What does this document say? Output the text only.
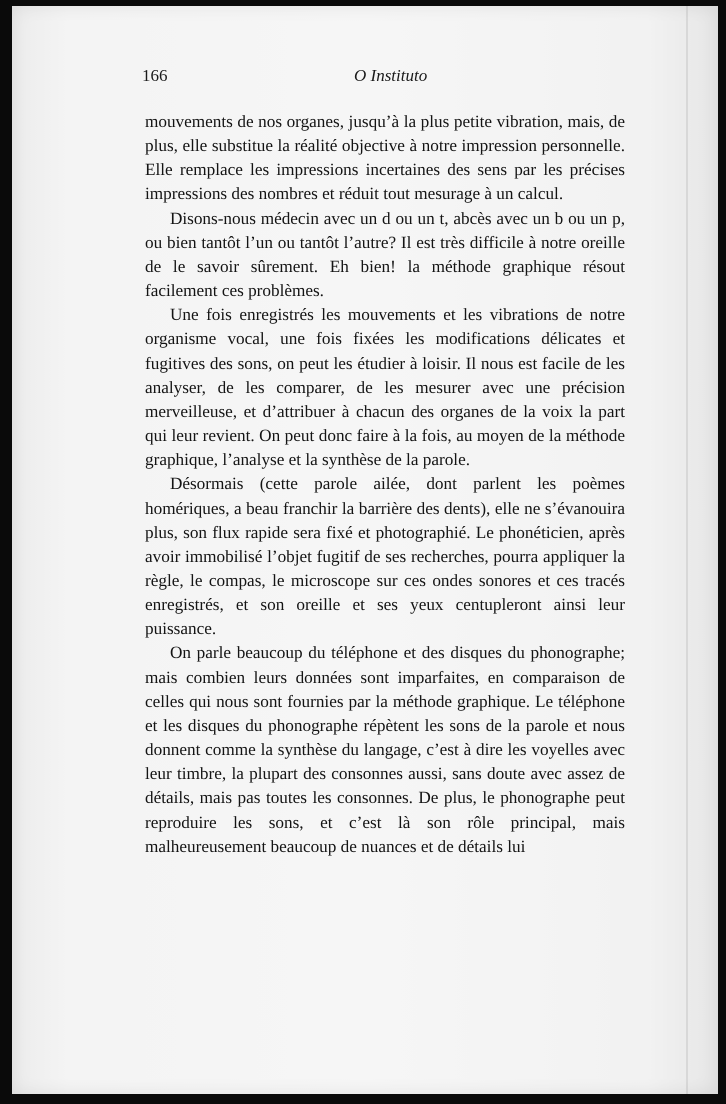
166	O Instituto

mouvements de nos organes, jusqu’à la plus petite vibration, mais, de plus, elle substitue la réalité objective à notre impression personnelle. Elle remplace les impressions incertaines des sens par les précises impressions des nombres et réduit tout mesurage à un calcul.

Disons-nous médecin avec un d ou un t, abcès avec un b ou un p, ou bien tantôt l’un ou tantôt l’autre? Il est très difficile à notre oreille de le savoir sûrement. Eh bien! la méthode graphique résout facilement ces problèmes.

Une fois enregistrés les mouvements et les vibrations de notre organisme vocal, une fois fixées les modifications délicates et fugitives des sons, on peut les étudier à loisir. Il nous est facile de les analyser, de les comparer, de les mesurer avec une précision merveilleuse, et d’attribuer à chacun des organes de la voix la part qui leur revient. On peut donc faire à la fois, au moyen de la méthode graphique, l’analyse et la synthèse de la parole.

Désormais (cette parole ailée, dont parlent les poèmes homériques, a beau franchir la barrière des dents), elle ne s’évanouira plus, son flux rapide sera fixé et photographié. Le phonéticien, après avoir immobilisé l’objet fugitif de ses recherches, pourra appliquer la règle, le compas, le microscope sur ces ondes sonores et ces tracés enregistrés, et son oreille et ses yeux centupleront ainsi leur puissance.

On parle beaucoup du téléphone et des disques du phonographe; mais combien leurs données sont imparfaites, en comparaison de celles qui nous sont fournies par la méthode graphique. Le téléphone et les disques du phonographe répètent les sons de la parole et nous donnent comme la synthèse du langage, c’est à dire les voyelles avec leur timbre, la plupart des consonnes aussi, sans doute avec assez de détails, mais pas toutes les consonnes. De plus, le phonographe peut reproduire les sons, et c’est là son rôle principal, mais malheureusement beaucoup de nuances et de détails lui
